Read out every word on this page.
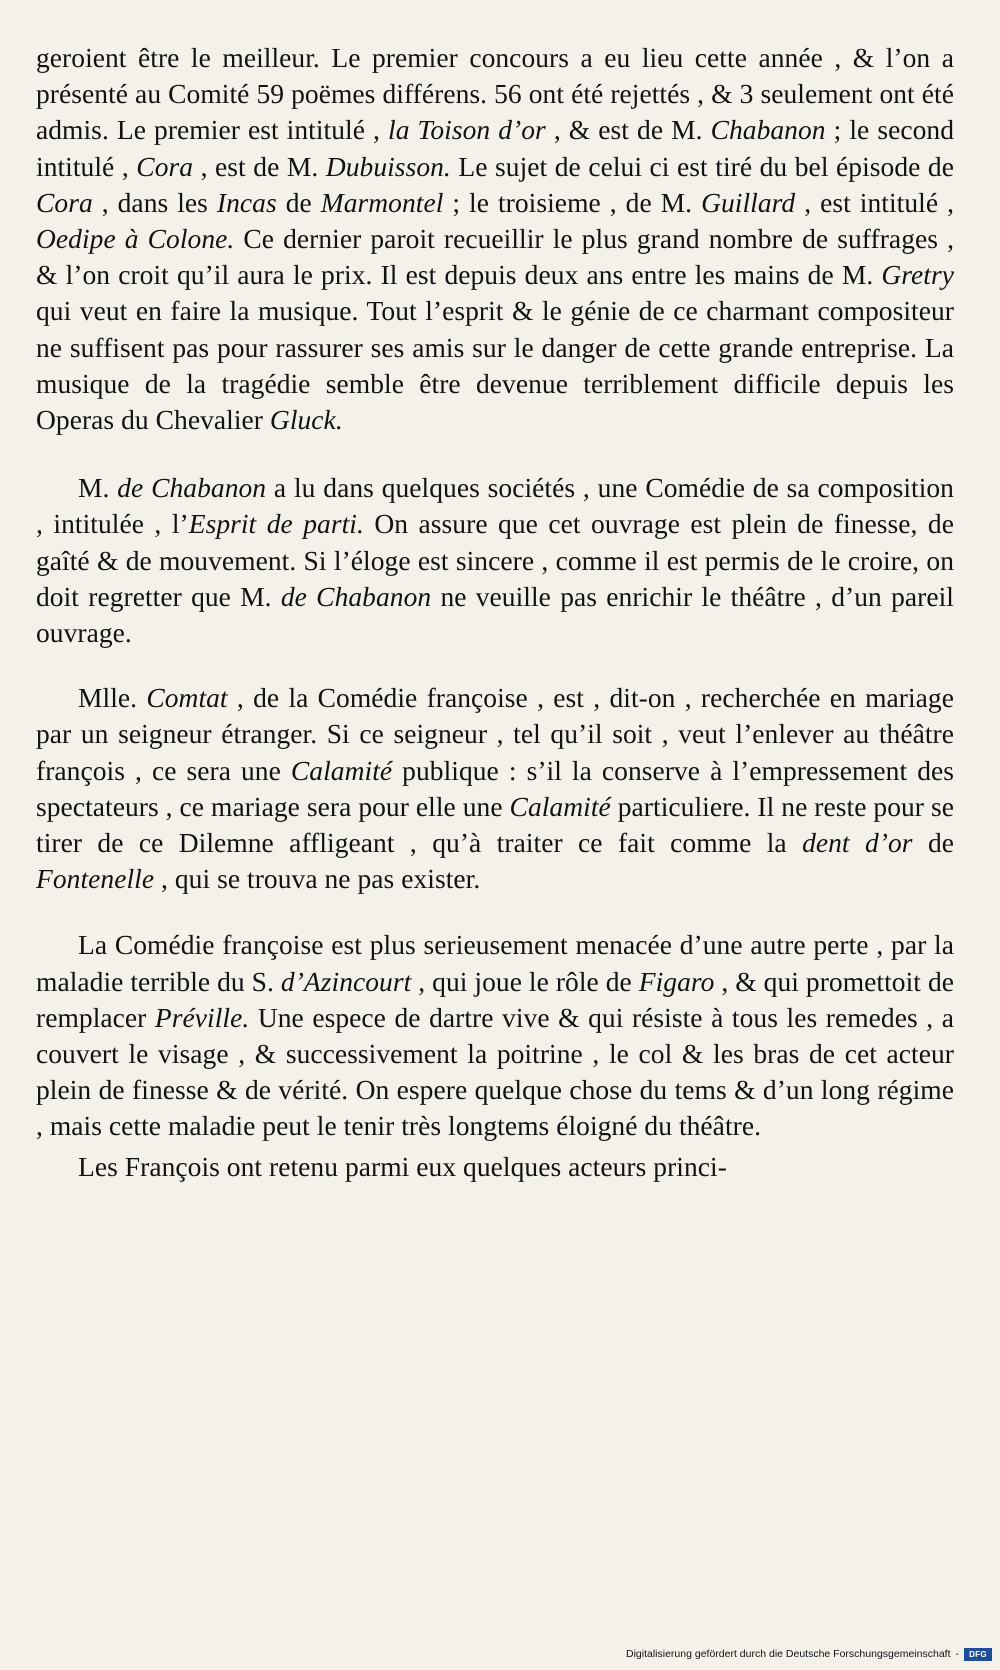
geroient être le meilleur. Le premier concours a eu lieu cette année , & l’on a présenté au Comité 59 poëmes différens. 56 ont été rejettés , & 3 seulement ont été admis. Le premier est intitulé , la Toison d’or , & est de M. Chabanon ; le second intitulé , Cora , est de M. Dubuisson. Le sujet de celui ci est tiré du bel épisode de Cora , dans les Incas de Marmontel ; le troisieme , de M. Guillard , est intitulé , Oedipe à Colone. Ce dernier paroit recueillir le plus grand nombre de suffrages , & l’on croit qu’il aura le prix. Il est depuis deux ans entre les mains de M. Gretry qui veut en faire la musique. Tout l’esprit & le génie de ce charmant compositeur ne suffisent pas pour rassurer ses amis sur le danger de cette grande entreprise. La musique de la tragédie semble être devenue terriblement difficile depuis les Operas du Chevalier Gluck.

M. de Chabanon a lu dans quelques sociétés , une Comédie de sa composition , intitulée , l’Esprit de parti. On assure que cet ouvrage est plein de finesse, de gaîté & de mouvement. Si l’éloge est sincere , comme il est permis de le croire, on doit regretter que M. de Chabanon ne veuille pas enrichir le théâtre , d’un pareil ouvrage.

Mlle. Comtat , de la Comédie françoise , est , dit-on , recherchée en mariage par un seigneur étranger. Si ce seigneur , tel qu’il soit , veut l’enlever au théâtre françois , ce sera une Calamité publique : s’il la conserve à l’empressement des spectateurs , ce mariage sera pour elle une Calamité particuliere. Il ne reste pour se tirer de ce Dilemne affligeant , qu’à traiter ce fait comme la dent d’or de Fontenelle , qui se trouva ne pas exister.

La Comédie françoise est plus serieusement menacée d’une autre perte , par la maladie terrible du S. d’Azincourt , qui joue le rôle de Figaro , & qui promettoit de remplacer Préville. Une espece de dartre vive & qui résiste à tous les remedes , a couvert le visage , & successivement la poitrine , le col & les bras de cet acteur plein de finesse & de vérité. On espere quelque chose du tems & d’un long régime , mais cette maladie peut le tenir très longtems éloigné du théâtre.

Les François ont retenu parmi eux quelques acteurs princi-

Digitalisierung gefördert durch die Deutsche Forschungsgemeinschaft -	DFG
